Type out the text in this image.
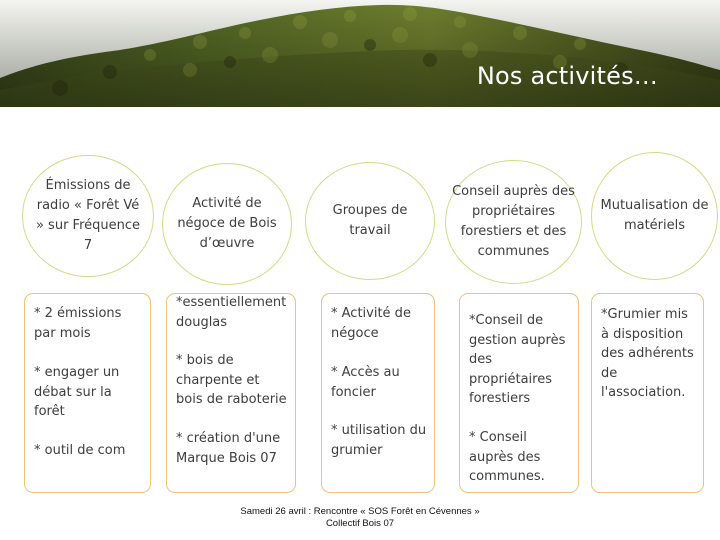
Nos activités…
Émissions de radio « Forêt Vé » sur Fréquence 7
* 2 émissions par mois
* engager un débat sur la forêt
* outil de com
Activité de négoce de Bois d’œuvre
*essentiellement douglas
* bois de charpente et bois de raboterie
* création d'une Marque Bois 07
Groupes de travail
* Activité de négoce
* Accès au foncier
* utilisation du grumier
Conseil auprès des propriétaires forestiers et des communes
*Conseil de gestion auprès des propriétaires forestiers
* Conseil auprès des communes.
Mutualisation de matériels
*Grumier mis à disposition des adhérents de l'association.
Samedi 26 avril : Rencontre « SOS Forêt en Cévennes »
Collectif Bois 07
